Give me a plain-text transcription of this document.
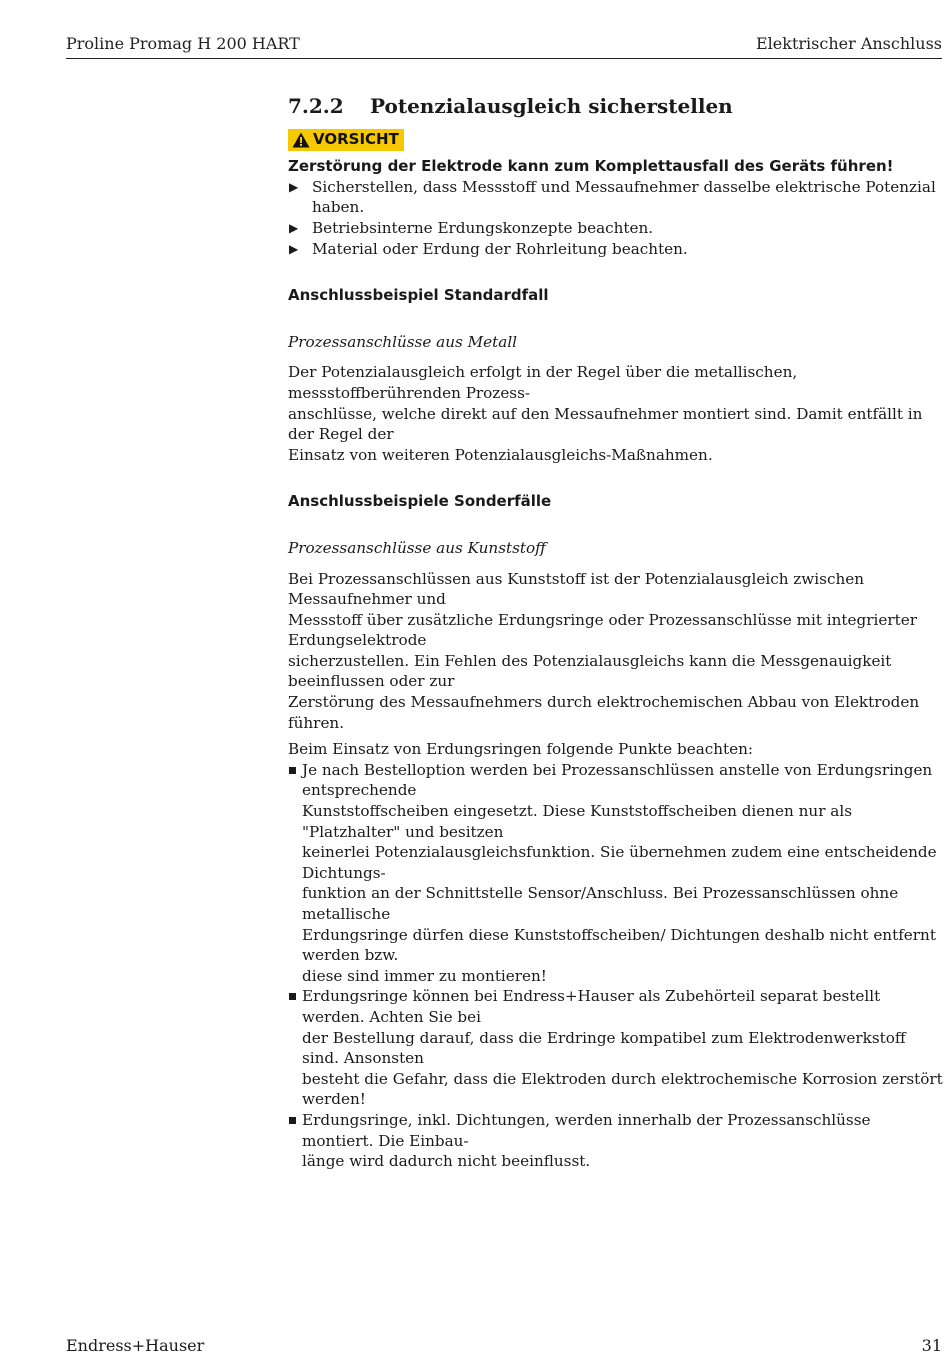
Proline Promag H 200 HART	Elektrischer Anschluss
7.2.2	Potenzialausgleich sicherstellen
VORSICHT
Zerstörung der Elektrode kann zum Komplettausfall des Geräts führen!
▶ Sicherstellen, dass Messstoff und Messaufnehmer dasselbe elektrische Potenzial haben.
▶ Betriebsinterne Erdungskonzepte beachten.
▶ Material oder Erdung der Rohrleitung beachten.
Anschlussbeispiel Standardfall
Prozessanschlüsse aus Metall
Der Potenzialausgleich erfolgt in der Regel über die metallischen, messstoffberührenden Prozess-
anschlüsse, welche direkt auf den Messaufnehmer montiert sind. Damit entfällt in der Regel der
Einsatz von weiteren Potenzialausgleichs-Maßnahmen.
Anschlussbeispiele Sonderfälle
Prozessanschlüsse aus Kunststoff
Bei Prozessanschlüssen aus Kunststoff ist der Potenzialausgleich zwischen Messaufnehmer und
Messstoff über zusätzliche Erdungsringe oder Prozessanschlüsse mit integrierter Erdungselektrode
sicherzustellen. Ein Fehlen des Potenzialausgleichs kann die Messgenauigkeit beeinflussen oder zur
Zerstörung des Messaufnehmers durch elektrochemischen Abbau von Elektroden führen.
Beim Einsatz von Erdungsringen folgende Punkte beachten:
Je nach Bestelloption werden bei Prozessanschlüssen anstelle von Erdungsringen entsprechende
Kunststoffscheiben eingesetzt. Diese Kunststoffscheiben dienen nur als "Platzhalter" und besitzen
keinerlei Potenzialausgleichsfunktion. Sie übernehmen zudem eine entscheidende Dichtungs-
funktion an der Schnittstelle Sensor/Anschluss. Bei Prozessanschlüssen ohne metallische
Erdungsringe dürfen diese Kunststoffscheiben/ Dichtungen deshalb nicht entfernt werden bzw.
diese sind immer zu montieren!
Erdungsringe können bei Endress+Hauser als Zubehörteil separat bestellt werden. Achten Sie bei
der Bestellung darauf, dass die Erdringe kompatibel zum Elektrodenwerkstoff sind. Ansonsten
besteht die Gefahr, dass die Elektroden durch elektrochemische Korrosion zerstört werden!
Erdungsringe, inkl. Dichtungen, werden innerhalb der Prozessanschlüsse montiert. Die Einbau-
länge wird dadurch nicht beeinflusst.
Endress+Hauser	31
